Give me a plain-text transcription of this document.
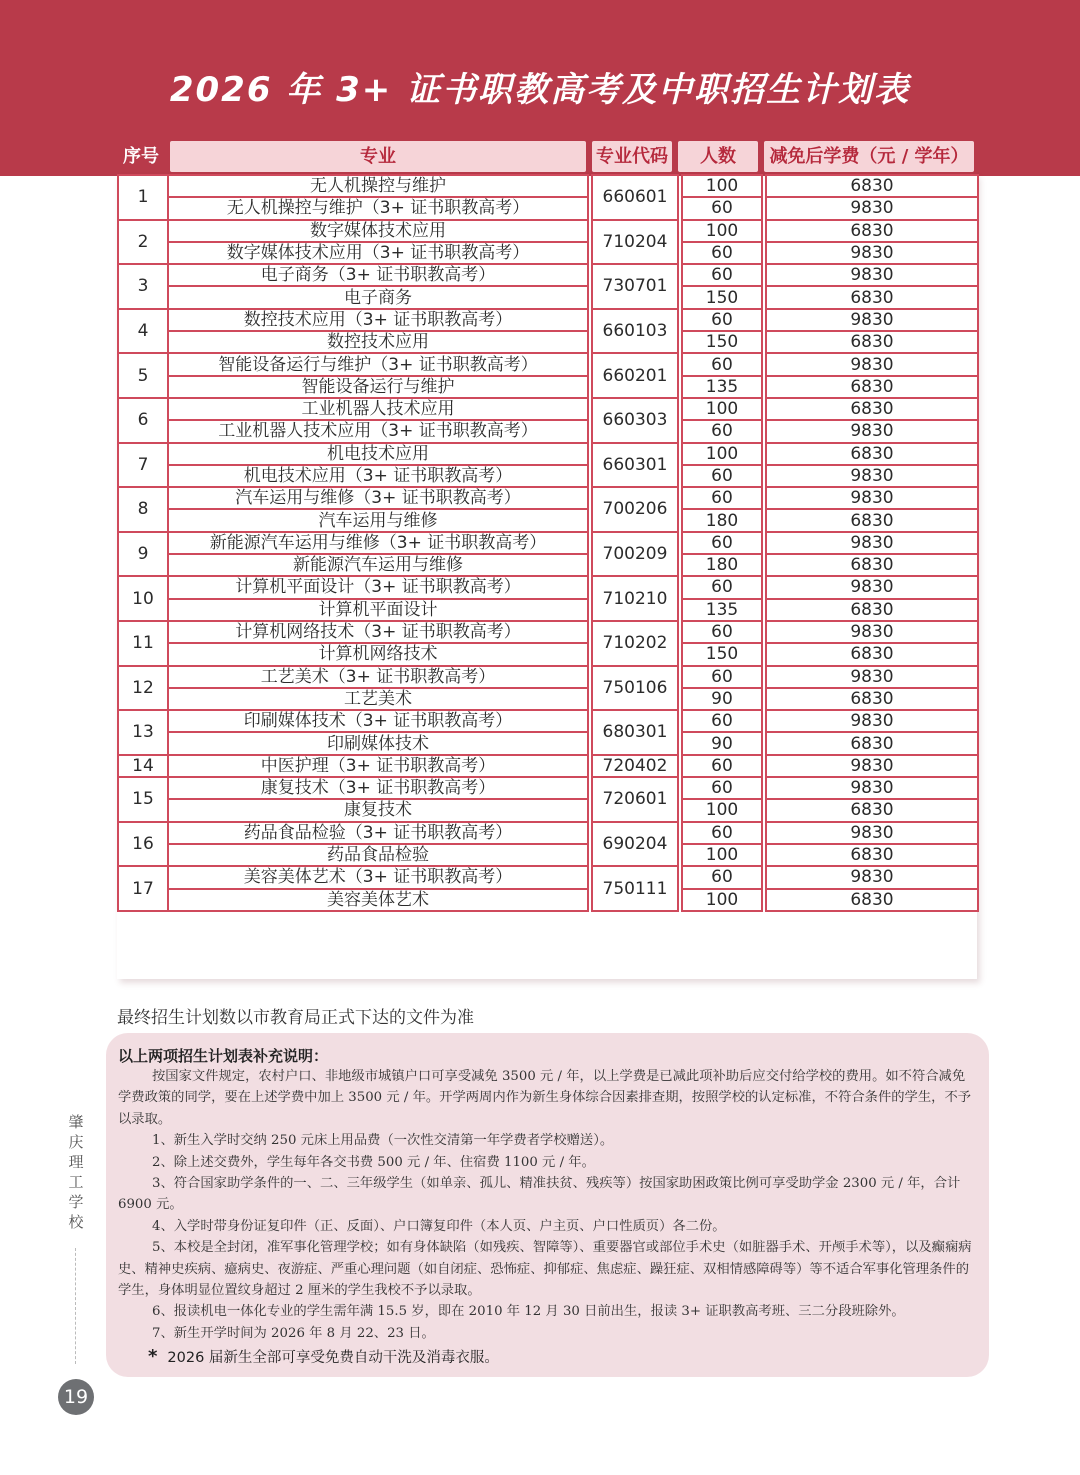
2026 年 3+ 证书职教高考及中职招生计划表
序号	专业	专业代码	人数	减免后学费（元 / 学年）
1	无人机操控与维护		660601		100		6830
	无人机操控与维护（3+ 证书职教高考）				60		9830
2	数字媒体技术应用		710204		100		6830
	数字媒体技术应用（3+ 证书职教高考）				60		9830
3	电子商务（3+ 证书职教高考）		730701		60		9830
	电子商务				150		6830
4	数控技术应用（3+ 证书职教高考）		660103		60		9830
	数控技术应用				150		6830
5	智能设备运行与维护（3+ 证书职教高考）		660201		60		9830
	智能设备运行与维护				135		6830
6	工业机器人技术应用		660303		100		6830
	工业机器人技术应用（3+ 证书职教高考）				60		9830
7	机电技术应用		660301		100		6830
	机电技术应用（3+ 证书职教高考）				60		9830
8	汽车运用与维修（3+ 证书职教高考）		700206		60		9830
	汽车运用与维修				180		6830
9	新能源汽车运用与维修（3+ 证书职教高考）		700209		60		9830
	新能源汽车运用与维修				180		6830
10	计算机平面设计（3+ 证书职教高考）		710210		60		9830
	计算机平面设计				135		6830
11	计算机网络技术（3+ 证书职教高考）		710202		60		9830
	计算机网络技术				150		6830
12	工艺美术（3+ 证书职教高考）		750106		60		9830
	工艺美术				90		6830
13	印刷媒体技术（3+ 证书职教高考）		680301		60		9830
	印刷媒体技术				90		6830
14	中医护理（3+ 证书职教高考）		720402		60		9830
15	康复技术（3+ 证书职教高考）		720601		60		9830
	康复技术				100		6830
16	药品食品检验（3+ 证书职教高考）		690204		60		9830
	药品食品检验				100		6830
17	美容美体艺术（3+ 证书职教高考）		750111		60		9830
	美容美体艺术				100		6830
最终招生计划数以市教育局正式下达的文件为准
以上两项招生计划表补充说明：

按国家文件规定，农村户口、非地级市城镇户口可享受减免 3500 元 / 年，以上学费是已减此项补助后应交付给学校的费用。如不符合减免学费政策的同学，要在上述学费中加上 3500 元 / 年。开学两周内作为新生身体综合因素排查期，按照学校的认定标准，不符合条件的学生，不予以录取。

1、新生入学时交纳 250 元床上用品费（一次性交清第一年学费者学校赠送）。

2、除上述交费外，学生每年各交书费 500 元 / 年、住宿费 1100 元 / 年。

3、符合国家助学条件的一、二、三年级学生（如单亲、孤儿、精准扶贫、残疾等）按国家助困政策比例可享受助学金 2300 元 / 年，合计 6900 元。

4、入学时带身份证复印件（正、反面）、户口簿复印件（本人页、户主页、户口性质页）各二份。

5、本校是全封闭，准军事化管理学校；如有身体缺陷（如残疾、智障等）、重要器官或部位手术史（如脏器手术、开颅手术等），以及癫痫病史、精神史疾病、癔病史、夜游症、严重心理问题（如自闭症、恐怖症、抑郁症、焦虑症、躁狂症、双相情感障碍等）等不适合军事化管理条件的学生，身体明显位置纹身超过 2 厘米的学生我校不予以录取。

6、报读机电一体化专业的学生需年满 15.5 岁，即在 2010 年 12 月 30 日前出生，报读 3+ 证职教高考班、三二分段班除外。

7、新生开学时间为 2026 年 8 月 22、23 日。

* 2026 届新生全部可享受免费自动干洗及消毒衣服。
肇庆理工学校
19
